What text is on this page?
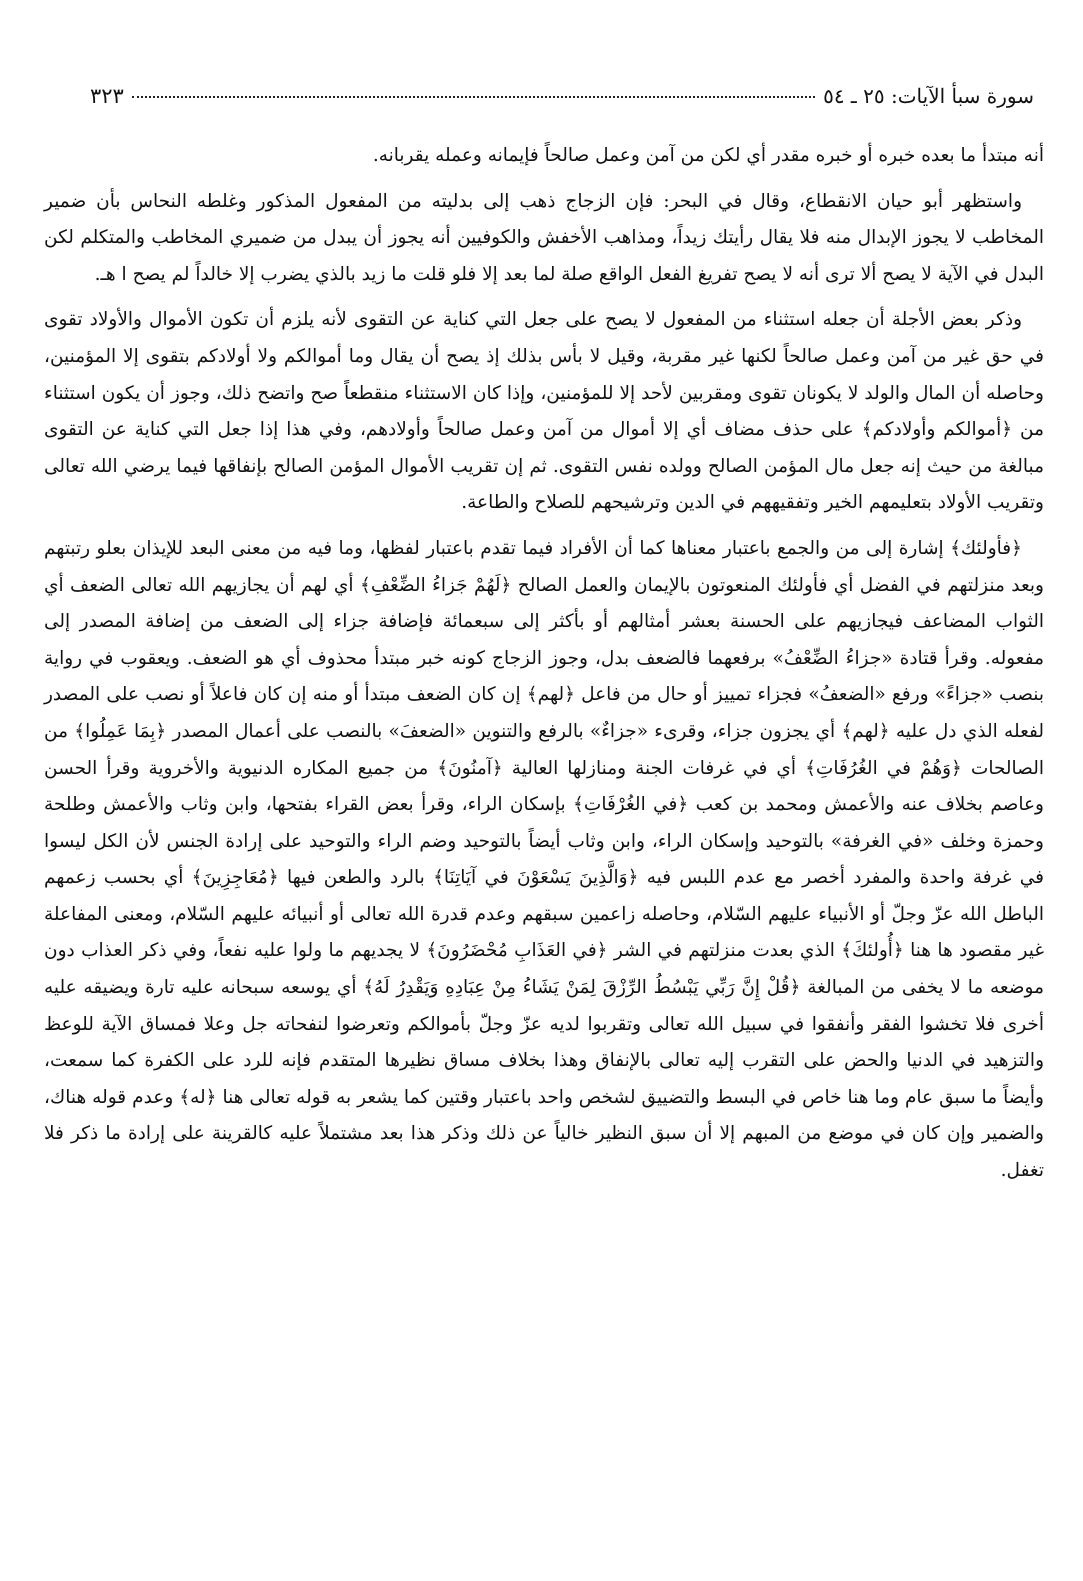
سورة سبأ الآيات: ٢٥ ـ ٥٤
٣٢٣

أنه مبتدأ ما بعده خبره أو خبره مقدر أي لكن من آمن وعمل صالحاً فإيمانه وعمله يقربانه.

واستظهر أبو حيان الانقطاع، وقال في البحر: فإن الزجاج ذهب إلى بدليته من المفعول المذكور وغلطه النحاس بأن ضمير المخاطب لا يجوز الإبدال منه فلا يقال رأيتك زيداً، ومذاهب الأخفش والكوفيين أنه يجوز أن يبدل من ضميري المخاطب والمتكلم لكن البدل في الآية لا يصح ألا ترى أنه لا يصح تفريغ الفعل الواقع صلة لما بعد إلا فلو قلت ما زيد بالذي يضرب إلا خالداً لم يصح ا هـ.

وذكر بعض الأجلة أن جعله استثناء من المفعول لا يصح على جعل التي كناية عن التقوى لأنه يلزم أن تكون الأموال والأولاد تقوى في حق غير من آمن وعمل صالحاً لكنها غير مقربة، وقيل لا بأس بذلك إذ يصح أن يقال وما أموالكم ولا أولادكم بتقوى إلا المؤمنين، وحاصله أن المال والولد لا يكونان تقوى ومقربين لأحد إلا للمؤمنين، وإذا كان الاستثناء منقطعاً صح واتضح ذلك، وجوز أن يكون استثناء من ﴿أموالكم وأولادكم﴾ على حذف مضاف أي إلا أموال من آمن وعمل صالحاً وأولادهم، وفي هذا إذا جعل التي كناية عن التقوى مبالغة من حيث إنه جعل مال المؤمن الصالح وولده نفس التقوى. ثم إن تقريب الأموال المؤمن الصالح بإنفاقها فيما يرضي الله تعالى وتقريب الأولاد بتعليمهم الخير وتفقيههم في الدين وترشيحهم للصلاح والطاعة.

﴿فأولئك﴾ إشارة إلى من والجمع باعتبار معناها كما أن الأفراد فيما تقدم باعتبار لفظها، وما فيه من معنى البعد للإيذان بعلو رتبتهم وبعد منزلتهم في الفضل أي فأولئك المنعوتون بالإيمان والعمل الصالح ﴿لَهُمْ جَزاءُ الضِّعْفِ﴾ أي لهم أن يجازيهم الله تعالى الضعف أي الثواب المضاعف فيجازيهم على الحسنة بعشر أمثالهم أو بأكثر إلى سبعمائة فإضافة جزاء إلى الضعف من إضافة المصدر إلى مفعوله. وقرأ قتادة «جزاءُ الضِّعْفُ» برفعهما فالضعف بدل، وجوز الزجاج كونه خبر مبتدأ محذوف أي هو الضعف. ويعقوب في رواية بنصب «جزاءً» ورفع «الضعفُ» فجزاء تمييز أو حال من فاعل ﴿لهم﴾ إن كان الضعف مبتدأ أو منه إن كان فاعلاً أو نصب على المصدر لفعله الذي دل عليه ﴿لهم﴾ أي يجزون جزاء، وقرىء «جزاءٌ» بالرفع والتنوين «الضعفَ» بالنصب على أعمال المصدر ﴿بِمَا عَمِلُوا﴾ من الصالحات ﴿وَهُمْ في الغُرُفَاتِ﴾ أي في غرفات الجنة ومنازلها العالية ﴿آمنُونَ﴾ من جميع المكاره الدنيوية والأخروية وقرأ الحسن وعاصم بخلاف عنه والأعمش ومحمد بن كعب ﴿في الغُرْفَاتِ﴾ بإسكان الراء، وقرأ بعض القراء بفتحها، وابن وثاب والأعمش وطلحة وحمزة وخلف «في الغرفة» بالتوحيد وإسكان الراء، وابن وثاب أيضاً بالتوحيد وضم الراء والتوحيد على إرادة الجنس لأن الكل ليسوا في غرفة واحدة والمفرد أخصر مع عدم اللبس فيه ﴿وَالَّذِينَ يَسْعَوْنَ في آيَاتِنَا﴾ بالرد والطعن فيها ﴿مُعَاجِزِينَ﴾ أي بحسب زعمهم الباطل الله عزّ وجلّ أو الأنبياء عليهم السّلام، وحاصله زاعمين سبقهم وعدم قدرة الله تعالى أو أنبيائه عليهم السّلام، ومعنى المفاعلة غير مقصود ها هنا ﴿أُولئكَ﴾ الذي بعدت منزلتهم في الشر ﴿في العَذَابِ مُحْضَرُونَ﴾ لا يجديهم ما ولوا عليه نفعاً، وفي ذكر العذاب دون موضعه ما لا يخفى من المبالغة ﴿قُلْ إِنَّ رَبِّي يَبْسُطُ الرِّزْقَ لِمَنْ يَشَاءُ مِنْ عِبَادِهِ وَيَقْدِرُ لَهُ﴾ أي يوسعه سبحانه عليه تارة ويضيقه عليه أخرى فلا تخشوا الفقر وأنفقوا في سبيل الله تعالى وتقربوا لديه عزّ وجلّ بأموالكم وتعرضوا لنفحاته جل وعلا فمساق الآية للوعظ والتزهيد في الدنيا والحض على التقرب إليه تعالى بالإنفاق وهذا بخلاف مساق نظيرها المتقدم فإنه للرد على الكفرة كما سمعت، وأيضاً ما سبق عام وما هنا خاص في البسط والتضييق لشخص واحد باعتبار وقتين كما يشعر به قوله تعالى هنا ﴿له﴾ وعدم قوله هناك، والضمير وإن كان في موضع من المبهم إلا أن سبق النظير خالياً عن ذلك وذكر هذا بعد مشتملاً عليه كالقرينة على إرادة ما ذكر فلا تغفل.
